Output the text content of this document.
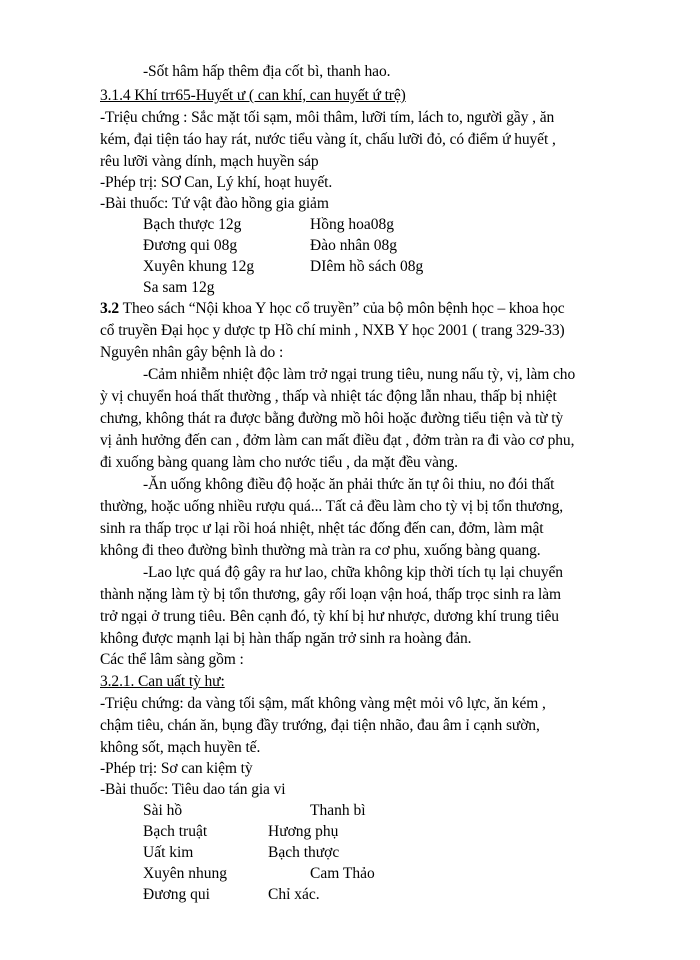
-Sốt hâm hấp thêm địa cốt bì, thanh hao.
3.1.4 Khí trr65-Huyết ư ( can khí, can huyết ứ trệ)
-Triệu chứng : Sắc mặt tối sạm, môi thâm, lưỡi tím, lách to, người gầy , ăn
kém, đại tiện táo hay rát, nước tiểu vàng ít, chấu lưỡi đỏ, có điểm ứ huyết ,
rêu lưỡi vàng dính, mạch huyền sáp
-Phép trị: SƠ Can, Lý khí, hoạt huyết.
-Bài thuốc: Tứ vật đào hồng gia giảm
Bạch thược 12g	Hồng hoa08g
Đương qui 08g	Đào nhân 08g
Xuyên khung 12g	DIêm hồ sách 08g
Sa sam 12g
3.2 Theo sách “Nội khoa Y học cổ truyền” của bộ môn bệnh học – khoa học
cổ truyền Đại học y dược tp Hồ chí minh , NXB Y học 2001 ( trang 329-33)
Nguyên nhân gây bệnh là do :
-Cảm nhiễm nhiệt độc làm trở ngại trung tiêu, nung nấu tỳ, vị, làm cho
ỳ vị chuyển hoá thất thường , thấp và nhiệt tác động lẫn nhau, thấp bị nhiệt
chưng, không thát ra được bằng đường mồ hôi hoặc đường tiểu tiện và từ tỳ
vị ảnh hưởng đến can , đởm làm can mất điều đạt , đởm tràn ra đi vào cơ phu,
đi xuống bàng quang làm cho nước tiểu , da mặt đều vàng.
-Ăn uống không điều độ hoặc ăn phải thức ăn tự ôi thiu, no đói thất
thường, hoặc uống nhiều rượu quá... Tất cả đều làm cho tỳ vị bị tổn thương,
sinh ra thấp trọc ư lại rồi hoá nhiệt, nhệt tác đống đến can, đởm, làm mật
không đi theo đường bình thường mà tràn ra cơ phu, xuống bàng quang.
-Lao lực quá độ gây ra hư lao, chữa không kịp thời tích tụ lại chuyển
thành nặng làm tỳ bị tổn thương, gây rối loạn vận hoá, thấp trọc sinh ra làm
trở ngại ở trung tiêu. Bên cạnh đó, tỳ khí bị hư nhược, dương khí trung tiêu
không được mạnh lại bị hàn thấp ngăn trở sinh ra hoàng đản.
Các thể lâm sàng gồm :
3.2.1. Can uất tỳ hư:
-Triệu chứng: da vàng tối sậm, mất không vàng mệt mỏi vô lực, ăn kém ,
chậm tiêu, chán ăn, bụng đầy trướng, đại tiện nhão, đau âm ỉ cạnh sườn,
không sốt, mạch huyền tế.
-Phép trị: Sơ can kiệm tỳ
-Bài thuốc: Tiêu dao tán gia vi
Sài hồ	Thanh bì
Bạch truật	Hương phụ
Uất kim	Bạch thược
Xuyên nhung	Cam Thảo
Đương qui	Chỉ xác.
